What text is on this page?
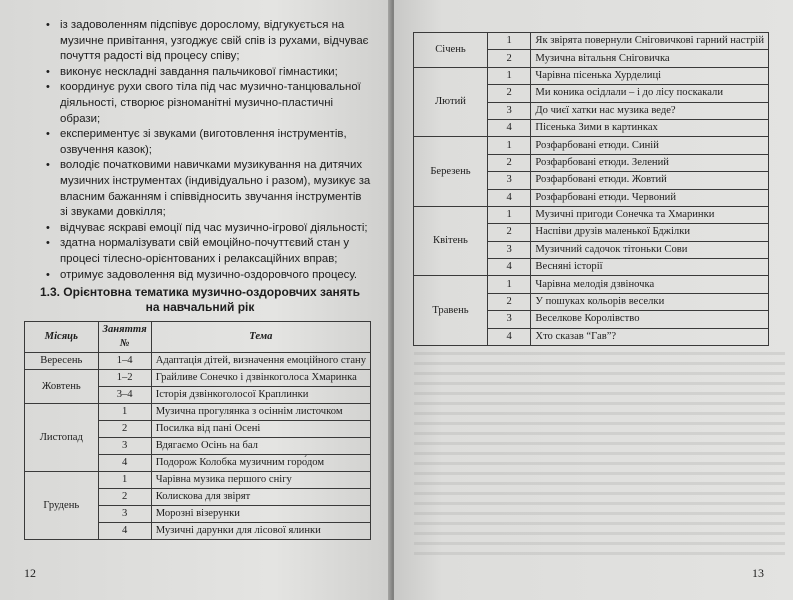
• із задоволенням підспівує дорослому, відгукується на музичне привітання, узгоджує свій спів із рухами, відчуває почуття радості від процесу співу;
• виконує нескладні завдання пальчикової гімнастики;
• координує рухи свого тіла під час музично-танцювальної діяльності, створює різноманітні музично-пластичні образи;
• експериментує зі звуками (виготовлення інструментів, озвучення казок);
• володіє початковими навичками музикування на дитячих музичних інструментах (індивідуально і разом), музикує за власним бажанням і співвідносить звучання інструментів зі звуками довкілля;
• відчуває яскраві емоції під час музично-ігрової діяльності;
• здатна нормалізувати свій емоційно-почуттєвий стан у процесі тілесно-орієнтованих і релаксаційних вправ;
• отримує задоволення від музично-оздоровчого процесу.
1.3. Орієнтовна тематика музично-оздоровчих занять
на навчальний рік
Місяць	Заняття №	Тема
Вересень	1–4	Адаптація дітей, визначення емоційного стану
Жовтень	1–2	Грайливе Сонечко і дзвінкоголоса Хмаринка
	3–4	Історія дзвінкоголосої Краплинки
Листопад	1	Музична прогулянка з осіннім листочком
	2	Посилка від пані Осені
	3	Вдягаємо Осінь на бал
	4	Подорож Колобка музичним горо́дом
Грудень	1	Чарівна музика першого снігу
	2	Колискова для звірят
	3	Морозні візерунки
	4	Музичні дарунки для лісової ялинки
12
Січень	1	Як звірята повернули Сніговичкові гарний настрій
	2	Музична вітальня Сніговичка
Лютий	1	Чарівна пісенька Хурделиці
	2	Ми коника осідлали – і до лісу поскакали
	3	До чиєї хатки нас музика веде?
	4	Пісенька Зими в картинках
Березень	1	Розфарбовані етюди. Синій
	2	Розфарбовані етюди. Зелений
	3	Розфарбовані етюди. Жовтий
	4	Розфарбовані етюди. Червоний
Квітень	1	Музичні пригоди Сонечка та Хмаринки
	2	Наспіви друзів маленької Бджілки
	3	Музичний садочок тітоньки Сови
	4	Весняні історії
Травень	1	Чарівна мелодія дзвіночка
	2	У пошуках кольорів веселки
	3	Веселкове Королівство
	4	Хто сказав “Гав”?
13
